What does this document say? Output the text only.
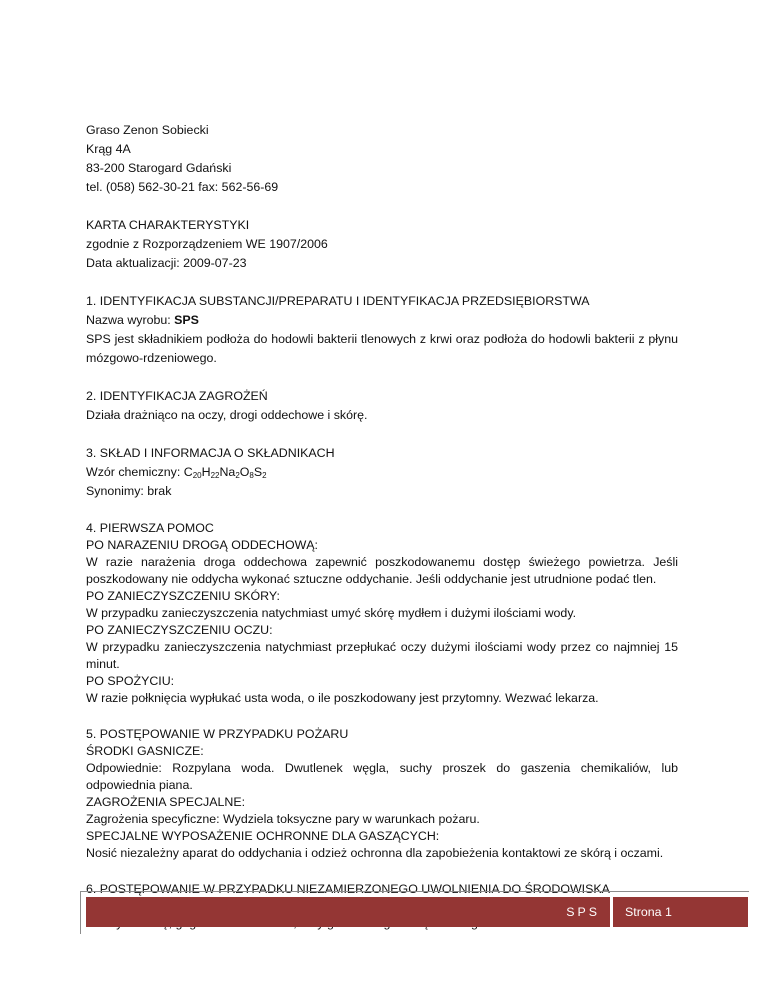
Graso Zenon Sobiecki
Krąg 4A
83-200 Starogard Gdański
tel. (058) 562-30-21 fax: 562-56-69
KARTA CHARAKTERYSTYKI
zgodnie z Rozporządzeniem WE 1907/2006
Data aktualizacji: 2009-07-23
1. IDENTYFIKACJA SUBSTANCJI/PREPARATU I IDENTYFIKACJA PRZEDSIĘBIORSTWA
Nazwa wyrobu: SPS
SPS jest składnikiem podłoża do hodowli bakterii tlenowych z krwi oraz podłoża do hodowli bakterii z płynu mózgowo-rdzeniowego.
2. IDENTYFIKACJA ZAGROŻEŃ
Działa drażniąco na oczy, drogi oddechowe i skórę.
3. SKŁAD I INFORMACJA O SKŁADNIKACH
Wzór chemiczny: $C_{20}H_{22}Na_2O_8S_2$
Synonimy: brak
4. PIERWSZA POMOC
PO NARAZENIU DROGĄ ODDECHOWĄ:
W razie narażenia droga oddechowa zapewnić poszkodowanemu dostęp świeżego powietrza. Jeśli poszkodowany nie oddycha wykonać sztuczne oddychanie. Jeśli oddychanie jest utrudnione podać tlen.
PO ZANIECZYSZCZENIU SKÓRY:
W przypadku zanieczyszczenia natychmiast umyć skórę mydłem i dużymi ilościami wody.
PO ZANIECZYSZCZENIU OCZU:
W przypadku zanieczyszczenia natychmiast przepłukać oczy dużymi ilościami wody przez co najmniej 15 minut.
PO SPOŻYCIU:
W razie połknięcia wypłukać usta woda, o ile poszkodowany jest przytomny. Wezwać lekarza.
5. POSTĘPOWANIE W PRZYPADKU POŻARU
ŚRODKI GASNICZE:
Odpowiednie: Rozpylana woda. Dwutlenek węgla, suchy proszek do gaszenia chemikaliów, lub odpowiednia piana.
ZAGROŻENIA SPECJALNE:
Zagrożenia specyficzne: Wydziela toksyczne pary w warunkach pożaru.
SPECJALNE WYPOSAŻENIE OCHRONNE DLA GASZĄCYCH:
Nosić niezależny aparat do oddychania i odzież ochronna dla zapobieżenia kontaktowi ze skórą i oczami.
6. POSTĘPOWANIE W PRZYPADKU NIEZAMIERZONEGO UWOLNIENIA DO ŚRODOWISKA
SPS	Strona 1
